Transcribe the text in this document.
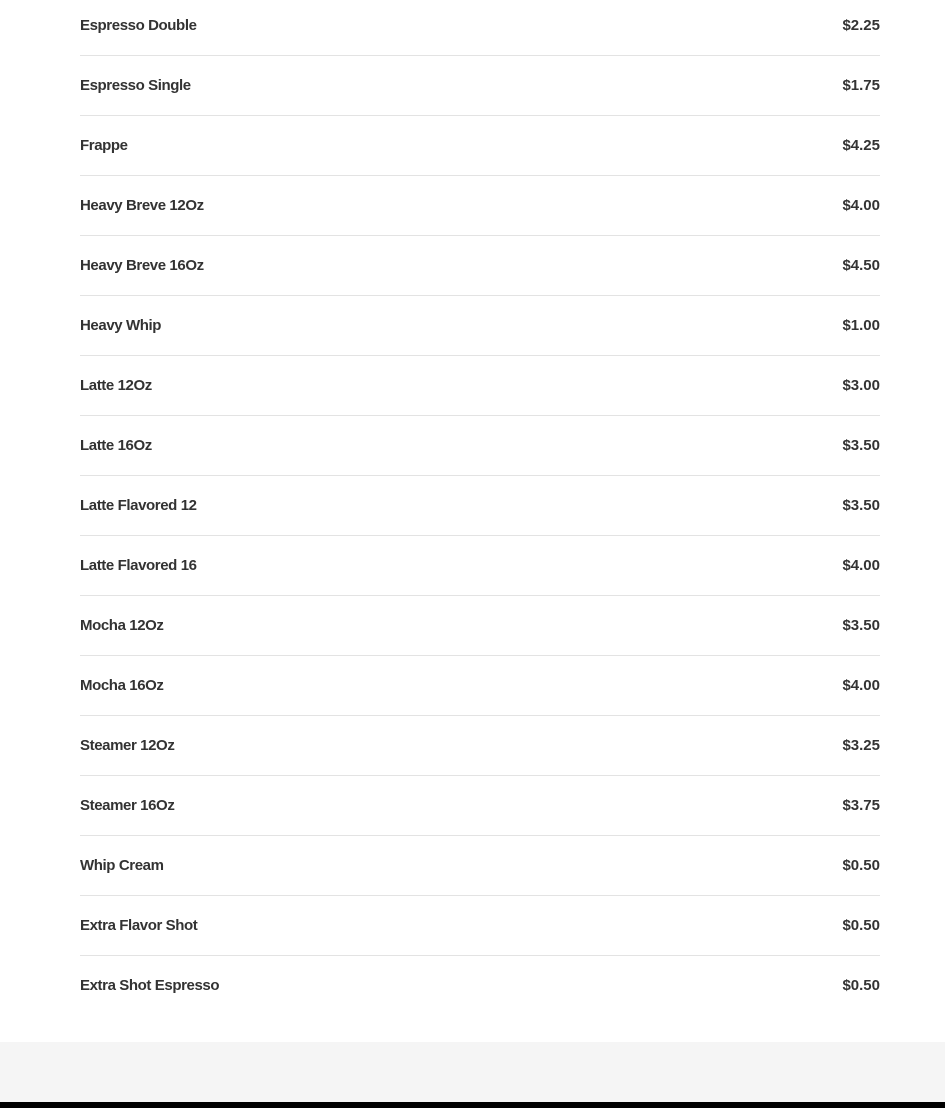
Espresso Double	$2.25
Espresso Single	$1.75
Frappe	$4.25
Heavy Breve 12Oz	$4.00
Heavy Breve 16Oz	$4.50
Heavy Whip	$1.00
Latte 12Oz	$3.00
Latte 16Oz	$3.50
Latte Flavored 12	$3.50
Latte Flavored 16	$4.00
Mocha 12Oz	$3.50
Mocha 16Oz	$4.00
Steamer 12Oz	$3.25
Steamer 16Oz	$3.75
Whip Cream	$0.50
Extra Flavor Shot	$0.50
Extra Shot Espresso	$0.50
